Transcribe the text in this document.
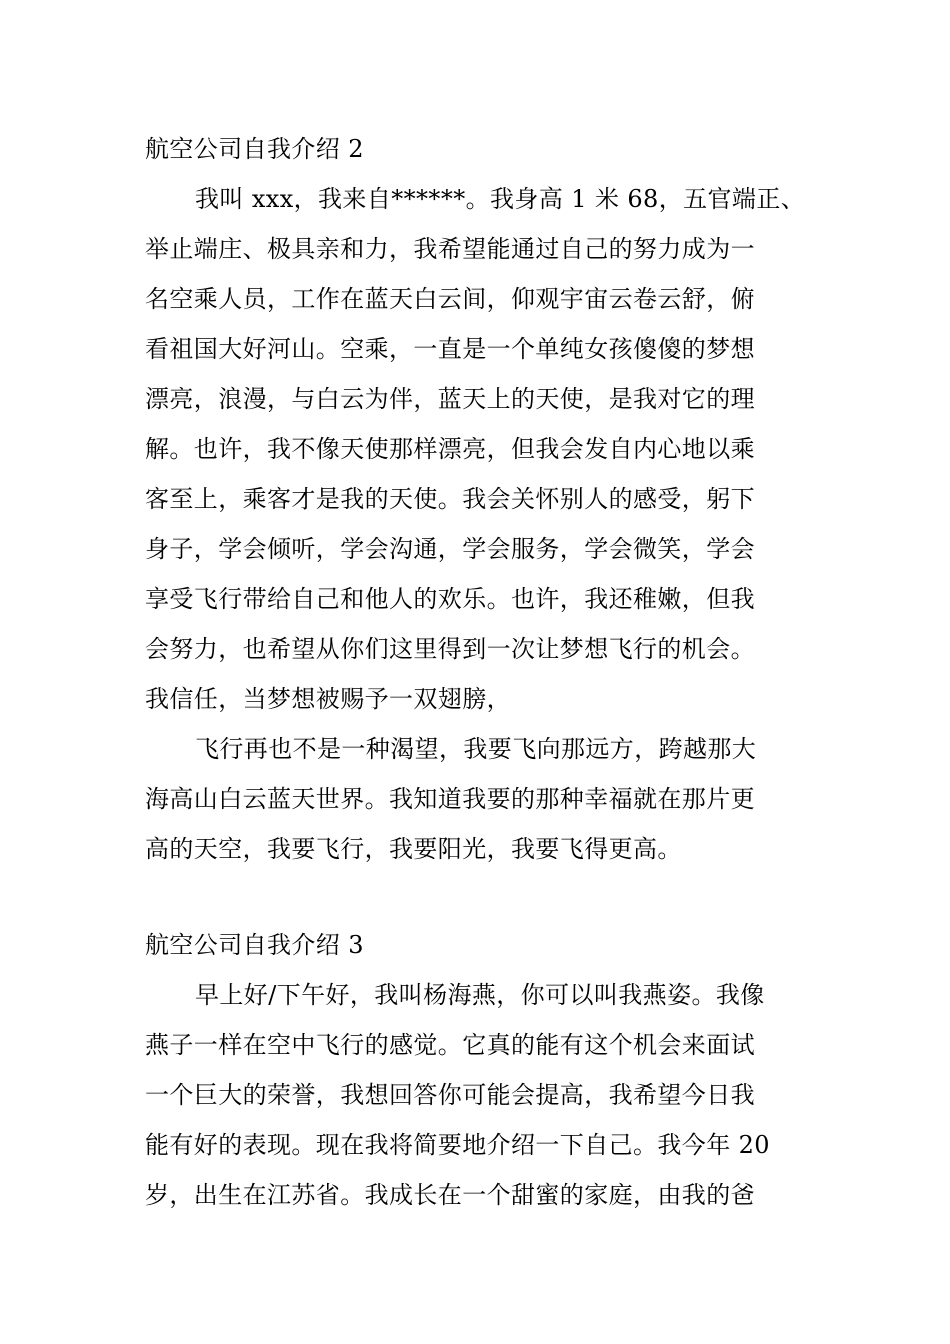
航空公司自我介绍 2
我叫 xxx，我来自******。我身高 1 米 68，五官端正、
举止端庄、极具亲和力，我希望能通过自己的努力成为一
名空乘人员，工作在蓝天白云间，仰观宇宙云卷云舒，俯
看祖国大好河山。空乘，一直是一个单纯女孩傻傻的梦想
漂亮，浪漫，与白云为伴，蓝天上的天使，是我对它的理
解。也许，我不像天使那样漂亮，但我会发自内心地以乘
客至上，乘客才是我的天使。我会关怀别人的感受，躬下
身子，学会倾听，学会沟通，学会服务，学会微笑，学会
享受飞行带给自己和他人的欢乐。也许，我还稚嫩，但我
会努力，也希望从你们这里得到一次让梦想飞行的机会。
我信任，当梦想被赐予一双翅膀，
飞行再也不是一种渴望，我要飞向那远方，跨越那大
海高山白云蓝天世界。我知道我要的那种幸福就在那片更
高的天空，我要飞行，我要阳光，我要飞得更高。
航空公司自我介绍 3
早上好/下午好，我叫杨海燕，你可以叫我燕姿。我像
燕子一样在空中飞行的感觉。它真的能有这个机会来面试
一个巨大的荣誉，我想回答你可能会提高，我希望今日我
能有好的表现。现在我将简要地介绍一下自己。我今年 20
岁，出生在江苏省。我成长在一个甜蜜的家庭，由我的爸
